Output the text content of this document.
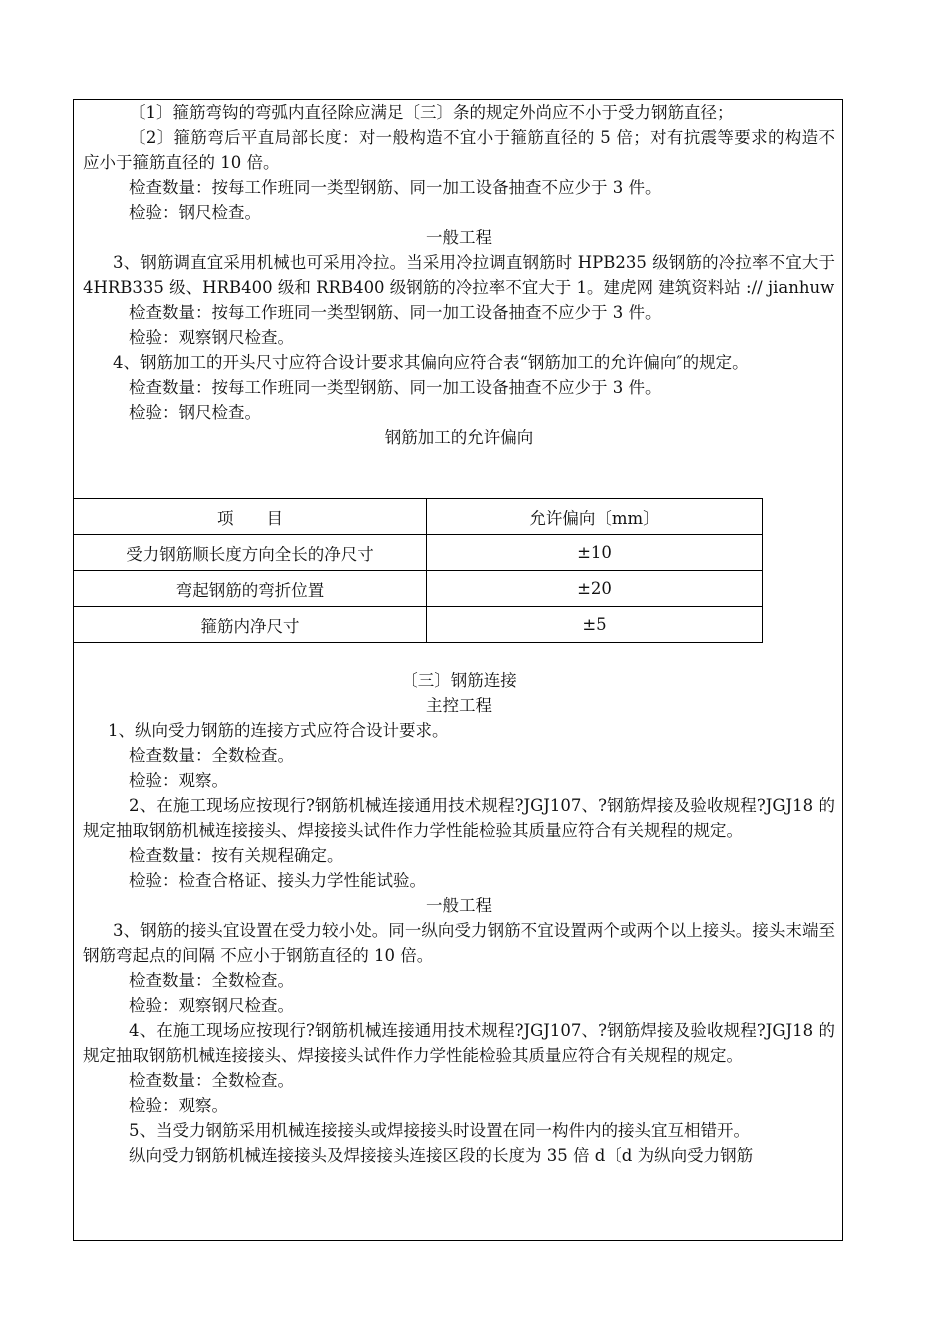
〔1〕箍筋弯钩的弯弧内直径除应满足〔三〕条的规定外尚应不小于受力钢筋直径；

〔2〕箍筋弯后平直局部长度：对一般构造不宜小于箍筋直径的 5 倍；对有抗震等要求的构造不应小于箍筋直径的 10 倍。

检查数量：按每工作班同一类型钢筋、同一加工设备抽查不应少于 3 件。

检验：钢尺检查。

一般工程

3、钢筋调直宜采用机械也可采用冷拉。当采用冷拉调直钢筋时 HPB235 级钢筋的冷拉率不宜大于 4HRB335 级、HRB400 级和 RRB400 级钢筋的冷拉率不宜大于 1。建虎网 建筑资料站 :// jianhuw

检查数量：按每工作班同一类型钢筋、同一加工设备抽查不应少于 3 件。

检验：观察钢尺检查。

4、钢筋加工的开头尺寸应符合设计要求其偏向应符合表“钢筋加工的允许偏向″的规定。

检查数量：按每工作班同一类型钢筋、同一加工设备抽查不应少于 3 件。

检验：钢尺检查。

钢筋加工的允许偏向

项　　目	允许偏向〔mm〕
受力钢筋顺长度方向全长的净尺寸	±10
弯起钢筋的弯折位置	±20
箍筋内净尺寸	±5

〔三〕钢筋连接

主控工程

1、纵向受力钢筋的连接方式应符合设计要求。

检查数量：全数检查。

检验：观察。

2、在施工现场应按现行?钢筋机械连接通用技术规程?JGJ107、?钢筋焊接及验收规程?JGJ18 的规定抽取钢筋机械连接接头、焊接接头试件作力学性能检验其质量应符合有关规程的规定。

检查数量：按有关规程确定。

检验：检查合格证、接头力学性能试验。

一般工程

3、钢筋的接头宜设置在受力较小处。同一纵向受力钢筋不宜设置两个或两个以上接头。接头末端至钢筋弯起点的间隔 不应小于钢筋直径的 10 倍。

检查数量：全数检查。

检验：观察钢尺检查。

4、在施工现场应按现行?钢筋机械连接通用技术规程?JGJ107、?钢筋焊接及验收规程?JGJ18 的规定抽取钢筋机械连接接头、焊接接头试件作力学性能检验其质量应符合有关规程的规定。

检查数量：全数检查。

检验：观察。

5、当受力钢筋采用机械连接接头或焊接接头时设置在同一构件内的接头宜互相错开。

纵向受力钢筋机械连接接头及焊接接头连接区段的长度为 35 倍 d〔d 为纵向受力钢筋
